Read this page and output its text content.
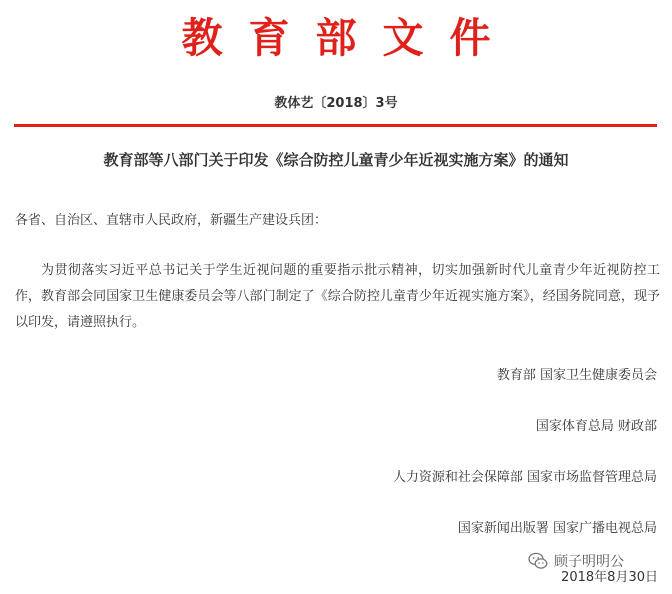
教育部文件
教体艺〔2018〕3号
教育部等八部门关于印发《综合防控儿童青少年近视实施方案》的通知
各省、自治区、直辖市人民政府，新疆生产建设兵团：
为贯彻落实习近平总书记关于学生近视问题的重要指示批示精神，切实加强新时代儿童青少年近视防控工作，教育部会同国家卫生健康委员会等八部门制定了《综合防控儿童青少年近视实施方案》，经国务院同意，现予以印发，请遵照执行。
教育部 国家卫生健康委员会
国家体育总局 财政部
人力资源和社会保障部 国家市场监督管理总局
国家新闻出版署 国家广播电视总局
顾子明明公
2018年8月30日
